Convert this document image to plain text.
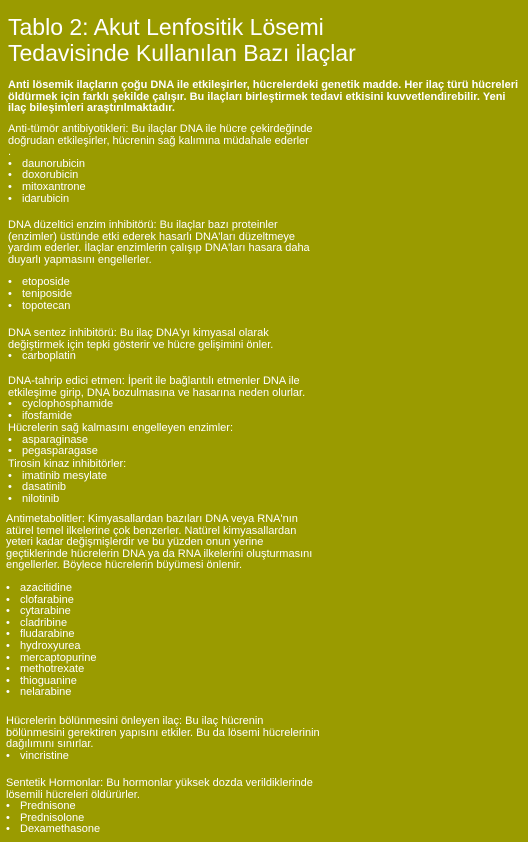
Tablo 2: Akut Lenfositik Lösemi
Tedavisinde Kullanılan Bazı ilaçlar

Anti lösemik ilaçların çoğu DNA ile etkileşirler, hücrelerdeki genetik madde. Her ilaç türü hücreleri öldürmek için farklı şekilde çalışır. Bu ilaçları birleştirmek tedavi etkisini kuvvetlendirebilir. Yeni ilaç bileşimleri araştırılmaktadır.

Anti-tümör antibiyotikleri: Bu ilaçlar DNA ile hücre çekirdeğinde
doğrudan etkileşirler, hücrenin sağ kalımına müdahale ederler
.
• daunorubicin
• doxorubicin
• mitoxantrone
• idarubicin
DNA düzeltici enzim inhibitörü: Bu ilaçlar bazı proteinler
(enzimler) üstünde etki ederek hasarlı DNA'ları düzeltmeye
yardım ederler. İlaçlar enzimlerin çalışıp DNA'ları hasara daha
duyarlı yapmasını engellerler.
• etoposide
• teniposide
• topotecan
DNA sentez inhibitörü: Bu ilaç DNA'yı kimyasal olarak
değiştirmek için tepki gösterir ve hücre gelişimini önler.
• carboplatin
DNA-tahrip edici etmen: İperit ile bağlantılı etmenler DNA ile
etkileşime girip, DNA bozulmasına ve hasarına neden olurlar.
• cyclophosphamide
• ifosfamide
Hücrelerin sağ kalmasını engelleyen enzimler:
• asparaginase
• pegasparagase
Tirosin kinaz inhibitörler:
• imatinib mesylate
• dasatinib
• nilotinib
Antimetabolitler: Kimyasallardan bazıları DNA veya RNA'nın
atürel temel ilkelerine çok benzerler. Natürel kimyasallardan
yeteri kadar değişmişlerdir ve bu yüzden onun yerine
geçtiklerinde hücrelerin DNA ya da RNA ilkelerini oluşturmasını
engellerler. Böylece hücrelerin büyümesi önlenir.
• azacitidine
• clofarabine
• cytarabine
• cladribine
• fludarabine
• hydroxyurea
• mercaptopurine
• methotrexate
• thioguanine
• nelarabine
Hücrelerin bölünmesini önleyen ilaç: Bu ilaç hücrenin
bölünmesini gerektiren yapısını etkiler. Bu da lösemi hücrelerinin
dağılımını sınırlar.
• vincristine
Sentetik Hormonlar: Bu hormonlar yüksek dozda verildiklerinde
lösemili hücreleri öldürürler.
• Prednisone
• Prednisolone
• Dexamethasone
